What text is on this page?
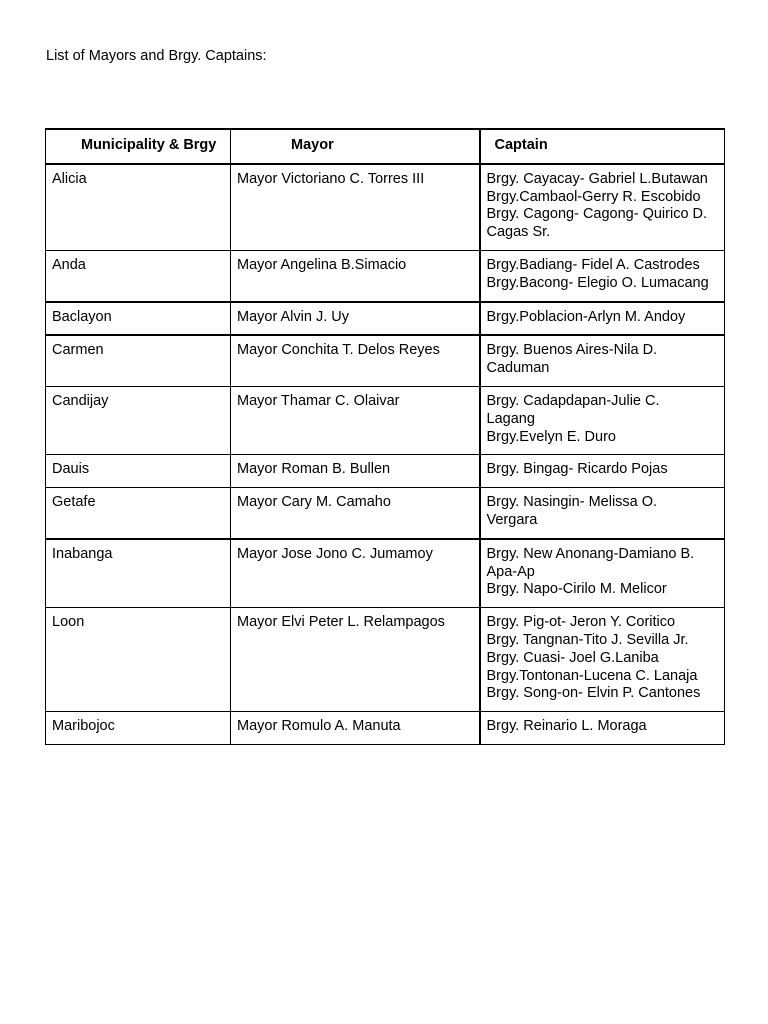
List of Mayors and Brgy. Captains:

Municipality & Brgy	Mayor	Captain
Alicia	Mayor Victoriano C. Torres III	Brgy. Cayacay- Gabriel L.Butawan
Brgy.Cambaol-Gerry R. Escobido
Brgy. Cagong- Cagong- Quirico D.
Cagas Sr.

Anda	Mayor Angelina B.Simacio	Brgy.Badiang- Fidel A. Castrodes
Brgy.Bacong- Elegio O. Lumacang

Baclayon	Mayor Alvin J. Uy	Brgy.Poblacion-Arlyn M. Andoy

Carmen	Mayor Conchita T. Delos Reyes	Brgy. Buenos Aires-Nila D.
Caduman

Candijay	Mayor Thamar C. Olaivar	Brgy. Cadapdapan-Julie C.
Lagang
Brgy.Evelyn E. Duro

Dauis	Mayor Roman B. Bullen	Brgy. Bingag- Ricardo Pojas

Getafe	Mayor Cary M. Camaho	Brgy. Nasingin- Melissa O.
Vergara

Inabanga	Mayor Jose Jono C. Jumamoy	Brgy. New Anonang-Damiano B.
Apa-Ap
Brgy. Napo-Cirilo M. Melicor

Loon	Mayor Elvi Peter L. Relampagos	Brgy. Pig-ot- Jeron Y. Coritico
Brgy. Tangnan-Tito J. Sevilla Jr.
Brgy. Cuasi- Joel G.Laniba
Brgy.Tontonan-Lucena C. Lanaja
Brgy. Song-on- Elvin P. Cantones

Maribojoc	Mayor Romulo A. Manuta	Brgy. Reinario L. Moraga
